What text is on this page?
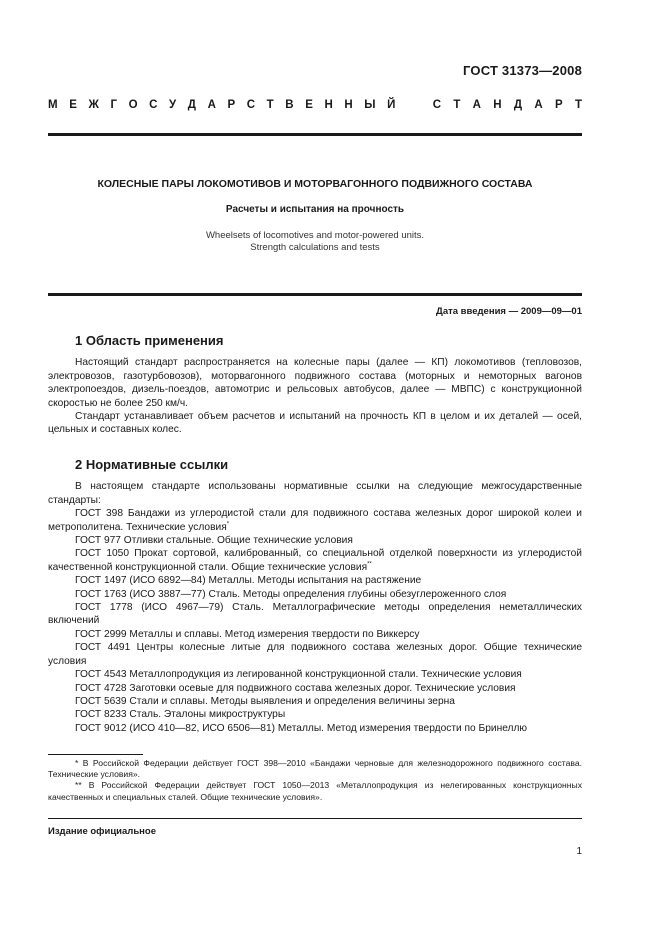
ГОСТ 31373—2008
М Е Ж Г О С У Д А Р С Т В Е Н Н Ы Й	С Т А Н Д А Р Т
КОЛЕСНЫЕ ПАРЫ ЛОКОМОТИВОВ И МОТОРВАГОННОГО ПОДВИЖНОГО СОСТАВА
Расчеты и испытания на прочность
Wheelsets of locomotives and motor-powered units.
Strength calculations and tests
Дата введения — 2009—09—01
1 Область применения

Настоящий стандарт распространяется на колесные пары (далее — КП) локомотивов (тепловозов, электровозов, газотурбовозов), моторвагонного подвижного состава (моторных и немоторных вагонов электропоездов, дизель-поездов, автомотрис и рельсовых автобусов, далее — МВПС) с конструкционной скоростью не более 250 км/ч.

Стандарт устанавливает объем расчетов и испытаний на прочность КП в целом и их деталей — осей, цельных и составных колес.

2 Нормативные ссылки

В настоящем стандарте использованы нормативные ссылки на следующие межгосударственные стандарты:

ГОСТ 398 Бандажи из углеродистой стали для подвижного состава железных дорог широкой колеи и метрополитена. Технические условия*

ГОСТ 977 Отливки стальные. Общие технические условия

ГОСТ 1050 Прокат сортовой, калиброванный, со специальной отделкой поверхности из углеродистой качественной конструкционной стали. Общие технические условия**

ГОСТ 1497 (ИСО 6892—84) Металлы. Методы испытания на растяжение

ГОСТ 1763 (ИСО 3887—77) Сталь. Методы определения глубины обезуглероженного слоя

ГОСТ 1778 (ИСО 4967—79) Сталь. Металлографические методы определения неметаллических включений

ГОСТ 2999 Металлы и сплавы. Метод измерения твердости по Виккерсу

ГОСТ 4491 Центры колесные литые для подвижного состава железных дорог. Общие технические условия

ГОСТ 4543 Металлопродукция из легированной конструкционной стали. Технические условия

ГОСТ 4728 Заготовки осевые для подвижного состава железных дорог. Технические условия

ГОСТ 5639 Стали и сплавы. Методы выявления и определения величины зерна

ГОСТ 8233 Сталь. Эталоны микроструктуры

ГОСТ 9012 (ИСО 410—82, ИСО 6506—81) Металлы. Метод измерения твердости по Бринеллю

* В Российской Федерации действует ГОСТ 398—2010 «Бандажи черновые для железнодорожного подвижного состава. Технические условия».

** В Российской Федерации действует ГОСТ 1050—2013 «Металлопродукция из нелегированных конструкционных качественных и специальных сталей. Общие технические условия».

Издание официальное
1
